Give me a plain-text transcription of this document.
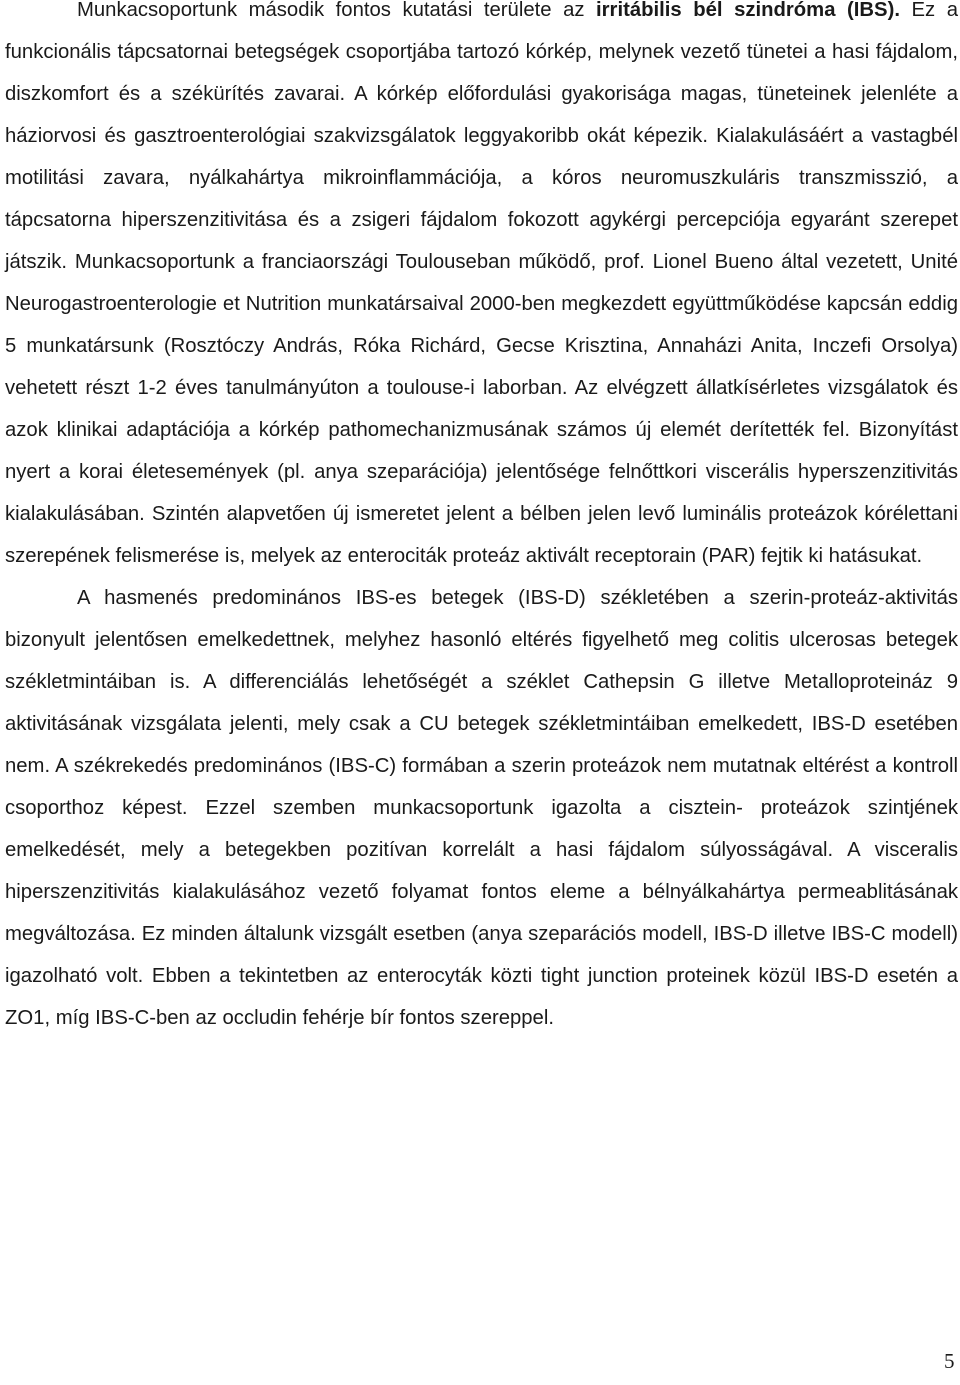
Munkacsoportunk második fontos kutatási területe az irritábilis bél szindróma (IBS). Ez a funkcionális tápcsatornai betegségek csoportjába tartozó kórkép, melynek vezető tünetei a hasi fájdalom, diszkomfort és a székürítés zavarai. A kórkép előfordulási gyakorisága magas, tüneteinek jelenléte a háziorvosi és gasztroenterológiai szakvizsgálatok leggyakoribb okát képezik. Kialakulásáért a vastagbél motilitási zavara, nyálkahártya mikroinflammációja, a kóros neuromuszkuláris transzmisszió, a tápcsatorna hiperszenzitivitása és a zsigeri fájdalom fokozott agykérgi percepciója egyaránt szerepet játszik. Munkacsoportunk a franciaországi Toulouseban működő, prof. Lionel Bueno által vezetett, Unité Neurogastroenterologie et Nutrition munkatársaival 2000-ben megkezdett együttműködése kapcsán eddig 5 munkatársunk (Rosztóczy András, Róka Richárd, Gecse Krisztina, Annaházi Anita, Inczefi Orsolya) vehetett részt 1-2 éves tanulmányúton a toulouse-i laborban. Az elvégzett állatkísérletes vizsgálatok és azok klinikai adaptációja a kórkép pathomechanizmusának számos új elemét derítették fel. Bizonyítást nyert a korai életesemények (pl. anya szeparációja) jelentősége felnőttkori viscerális hyperszenzitivitás kialakulásában. Szintén alapvetően új ismeretet jelent a bélben jelen levő luminális proteázok kórélettani szerepének felismerése is, melyek az enterociták proteáz aktivált receptorain (PAR) fejtik ki hatásukat.

A hasmenés predominános IBS-es betegek (IBS-D) székletében a szerin-proteáz-aktivitás bizonyult jelentősen emelkedettnek, melyhez hasonló eltérés figyelhető meg colitis ulcerosas betegek székletmintáiban is. A differenciálás lehetőségét a széklet Cathepsin G illetve Metalloproteináz 9 aktivitásának vizsgálata jelenti, mely csak a CU betegek székletmintáiban emelkedett, IBS-D esetében nem. A székrekedés predominános (IBS-C) formában a szerin proteázok nem mutatnak eltérést a kontroll csoporthoz képest. Ezzel szemben munkacsoportunk igazolta a cisztein- proteázok szintjének emelkedését, mely a betegekben pozitívan korrelált a hasi fájdalom súlyosságával. A visceralis hiperszenzitivitás kialakulásához vezető folyamat fontos eleme a bélnyálkahártya permeablitásának megváltozása. Ez minden általunk vizsgált esetben (anya szeparációs modell, IBS-D illetve IBS-C modell) igazolható volt. Ebben a tekintetben az enterocyták közti tight junction proteinek közül IBS-D esetén a ZO1, míg IBS-C-ben az occludin fehérje bír fontos szereppel.

5
